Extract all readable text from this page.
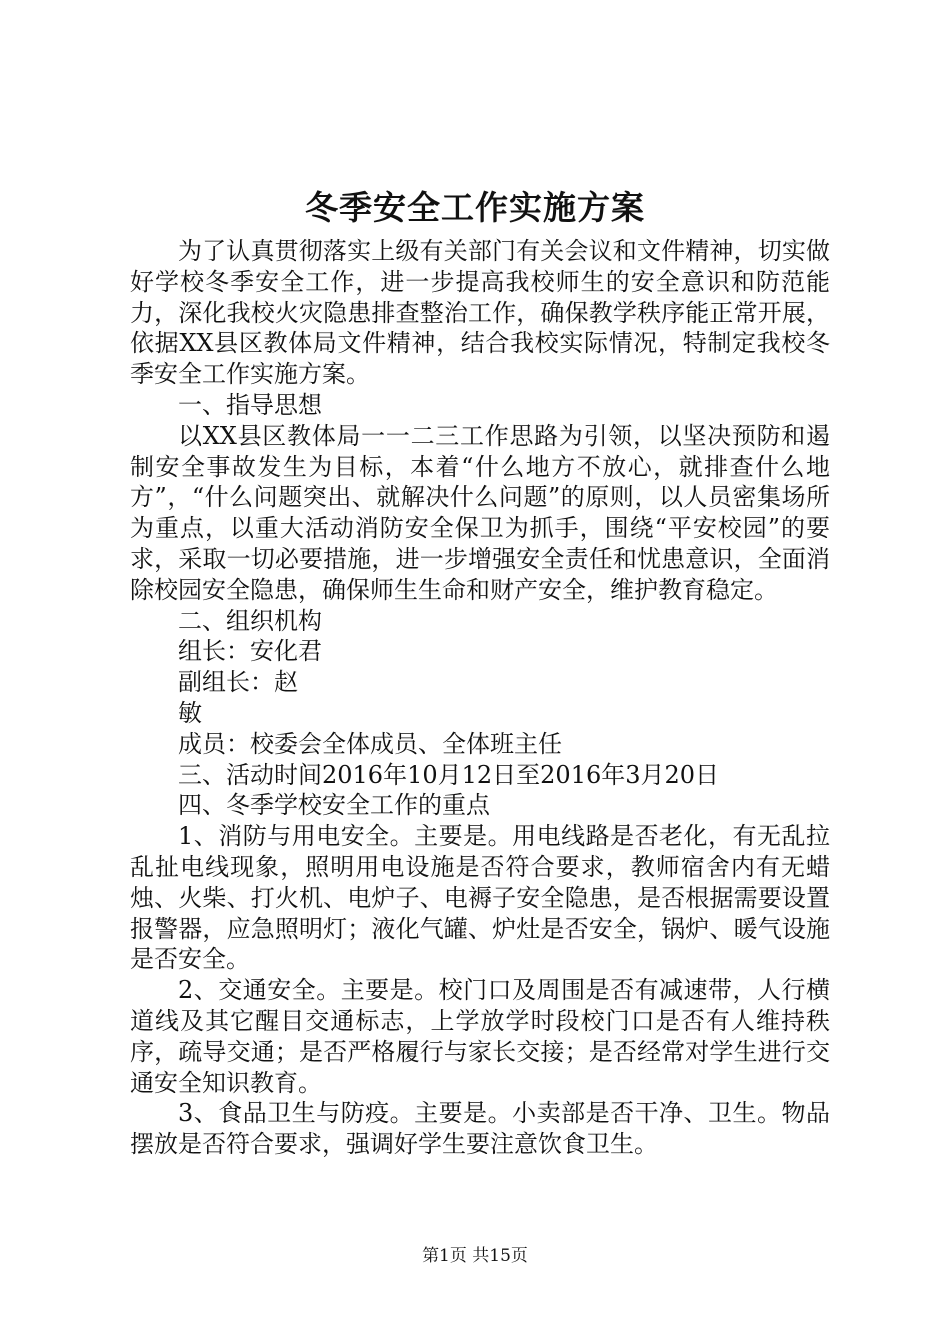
冬季安全工作实施方案

为了认真贯彻落实上级有关部门有关会议和文件精神，切实做好学校冬季安全工作，进一步提高我校师生的安全意识和防范能力，深化我校火灾隐患排查整治工作，确保教学秩序能正常开展，依据XX县区教体局文件精神，结合我校实际情况，特制定我校冬季安全工作实施方案。

一、指导思想

以XX县区教体局一一二三工作思路为引领，以坚决预防和遏制安全事故发生为目标，本着“什么地方不放心，就排查什么地方”，“什么问题突出、就解决什么问题”的原则，以人员密集场所为重点，以重大活动消防安全保卫为抓手，围绕“平安校园”的要求，采取一切必要措施，进一步增强安全责任和忧患意识，全面消除校园安全隐患，确保师生生命和财产安全，维护教育稳定。

二、组织机构

组长：安化君

副组长：赵

敏

成员：校委会全体成员、全体班主任

三、活动时间2016年10月12日至2016年3月20日

四、冬季学校安全工作的重点

1、消防与用电安全。主要是。用电线路是否老化，有无乱拉乱扯电线现象，照明用电设施是否符合要求，教师宿舍内有无蜡烛、火柴、打火机、电炉子、电褥子安全隐患，是否根据需要设置报警器，应急照明灯；液化气罐、炉灶是否安全，锅炉、暖气设施是否安全。

2、交通安全。主要是。校门口及周围是否有减速带，人行横道线及其它醒目交通标志，上学放学时段校门口是否有人维持秩序，疏导交通；是否严格履行与家长交接；是否经常对学生进行交通安全知识教育。

3、食品卫生与防疫。主要是。小卖部是否干净、卫生。物品摆放是否符合要求，强调好学生要注意饮食卫生。

第1页 共15页
